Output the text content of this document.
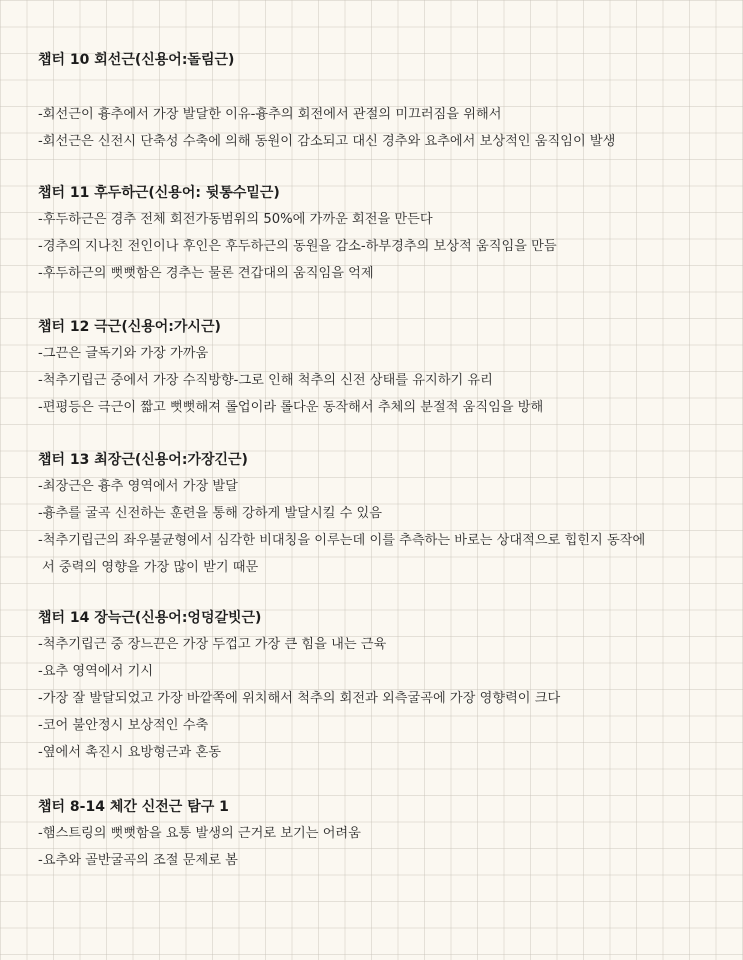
챕터 10 회선근(신용어:돌림근)
-회선근이 흉추에서 가장 발달한 이유-흉추의 회전에서 관절의 미끄러짐을 위해서
-회선근은 신전시 단축성 수축에 의해 동원이 감소되고 대신 경추와 요추에서 보상적인 움직임이 발생
챕터 11 후두하근(신용어: 뒷통수밑근)
-후두하근은 경추 전체 회전가동범위의 50%에 가까운 회전을 만든다
-경추의 지나친 전인이나 후인은 후두하근의 동원을 감소-하부경추의 보상적 움직임을 만듬
-후두하근의 뻣뻣함은 경추는 물론 견갑대의 움직임을 억제
챕터 12 극근(신용어:가시근)
-그끈은 글독기와 가장 가까움
-척추기립근 중에서 가장 수직방향-그로 인해 척추의 신전 상태를 유지하기 유리
-편평등은 극근이 짧고 뻣뻣해져 롤업이라 롤다운 동작해서 추체의 분절적 움직임을 방해
챕터 13 최장근(신용어:가장긴근)
-최장근은 흉추 영역에서 가장 발달
-흉추를 굴곡 신전하는 훈련을 통해 강하게 발달시킬 수 있음
-척추기립근의 좌우불균형에서 심각한 비대칭을 이루는데 이를 추측하는 바로는 상대적으로 힙힌지 동작에
서 중력의 영향을 가장 많이 받기 때문
챕터 14 장늑근(신용어:엉덩갈빗근)
-척추기립근 중 장느끈은 가장 두껍고 가장 큰 힘을 내는 근육
-요추 영역에서 기시
-가장 잘 발달되었고 가장 바깥쪽에 위치해서 척추의 회전과 외측굴곡에 가장 영향력이 크다
-코어 불안정시 보상적인 수축
-옆에서 촉진시 요방형근과 혼동
챕터 8-14 체간 신전근 탐구 1
-햄스트링의 뻣뻣함을 요통 발생의 근거로 보기는 어려움
-요추와 골반굴곡의 조절 문제로 봄
